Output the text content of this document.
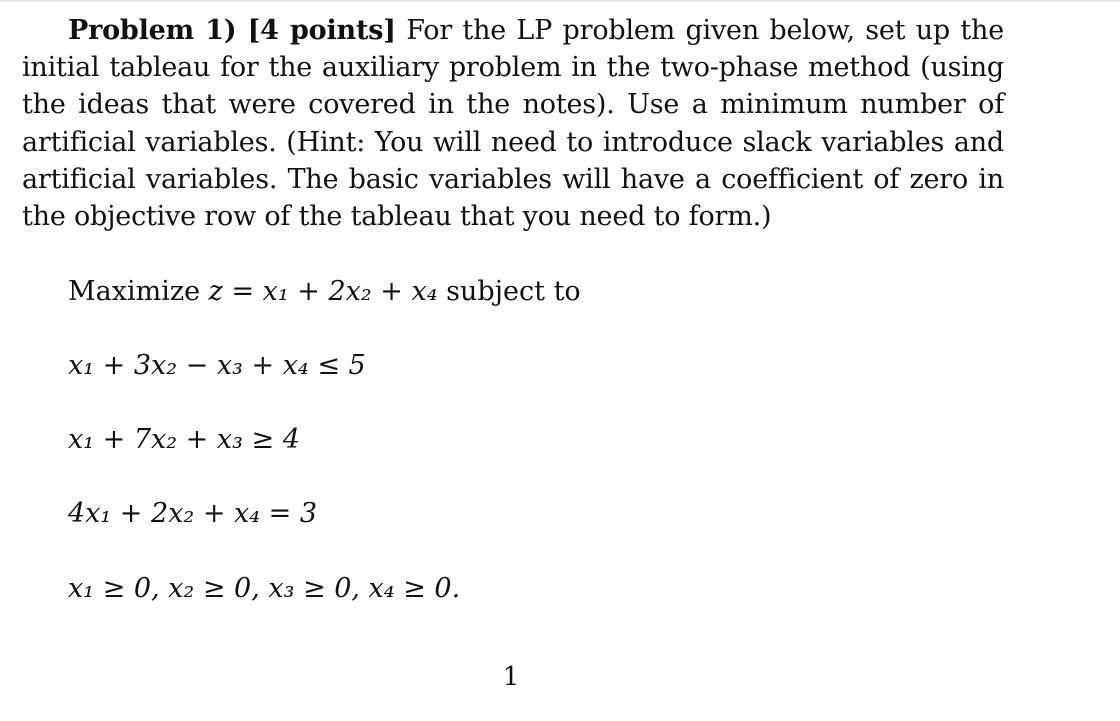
Problem 1) [4 points] For the LP problem given below, set up the initial tableau for the auxiliary problem in the two-phase method (using the ideas that were covered in the notes). Use a minimum number of artificial variables. (Hint: You will need to introduce slack variables and artificial variables. The basic variables will have a coefficient of zero in the objective row of the tableau that you need to form.)

Maximize z = x₁ + 2x₂ + x₄ subject to
x₁ + 3x₂ − x₃ + x₄ ≤ 5
x₁ + 7x₂ + x₃ ≥ 4
4x₁ + 2x₂ + x₄ = 3
x₁ ≥ 0, x₂ ≥ 0, x₃ ≥ 0, x₄ ≥ 0.
1
